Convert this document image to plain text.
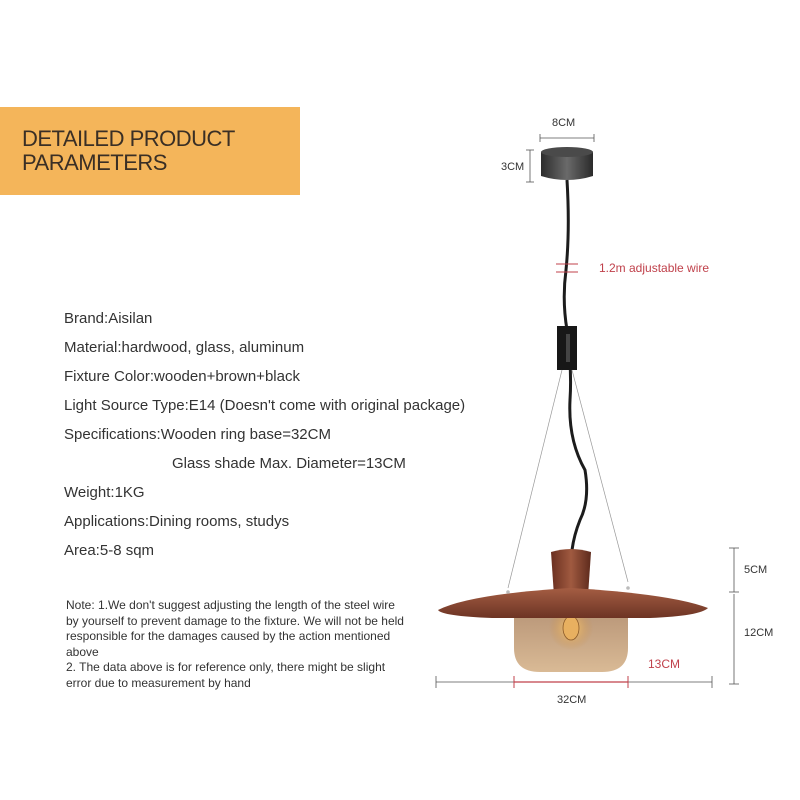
DETAILED PRODUCT
PARAMETERS
Brand:Aisilan
Material:hardwood, glass, aluminum
Fixture Color:wooden+brown+black
Light Source Type:E14 (Doesn't come with original package)
Specifications:Wooden ring base=32CM
Glass shade Max. Diameter=13CM
Weight:1KG
Applications:Dining rooms, studys
Area:5-8 sqm

Note: 1.We don't suggest adjusting the length of the steel wire by yourself to prevent damage to the fixture. We will not be held responsible for the damages caused by the action mentioned above

2. The data above is for reference only, there might be slight error due to measurement by hand

8CM
3CM
1.2m adjustable wire
5CM
12CM
13CM
32CM
